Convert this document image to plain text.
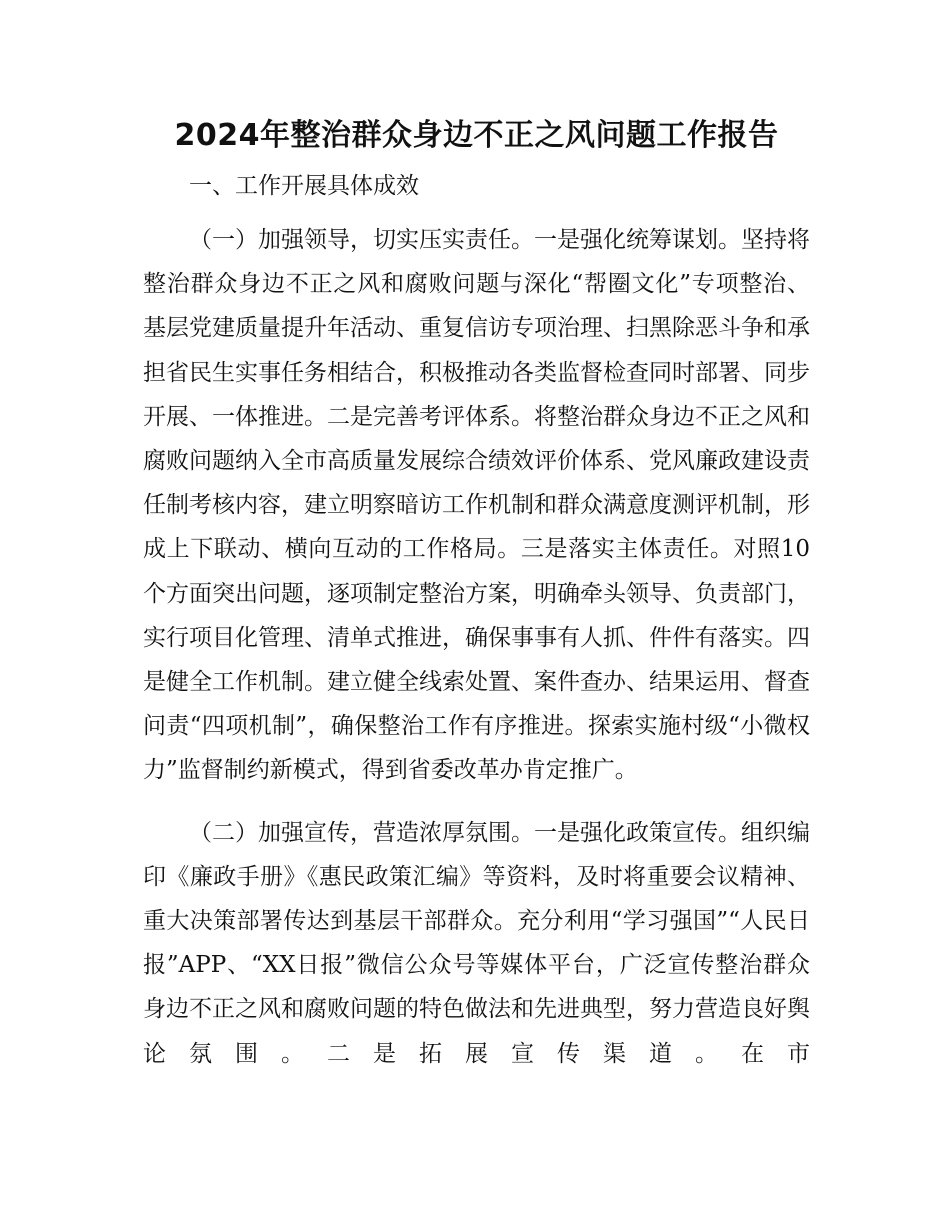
2024年整治群众身边不正之风问题工作报告
一、工作开展具体成效

（一）加强领导，切实压实责任。一是强化统筹谋划。坚持将整治群众身边不正之风和腐败问题与深化“帮圈文化”专项整治、基层党建质量提升年活动、重复信访专项治理、扫黑除恶斗争和承担省民生实事任务相结合，积极推动各类监督检查同时部署、同步开展、一体推进。二是完善考评体系。将整治群众身边不正之风和腐败问题纳入全市高质量发展综合绩效评价体系、党风廉政建设责任制考核内容，建立明察暗访工作机制和群众满意度测评机制，形成上下联动、横向互动的工作格局。三是落实主体责任。对照10个方面突出问题，逐项制定整治方案，明确牵头领导、负责部门，实行项目化管理、清单式推进，确保事事有人抓、件件有落实。四是健全工作机制。建立健全线索处置、案件查办、结果运用、督查问责“四项机制”，确保整治工作有序推进。探索实施村级“小微权力”监督制约新模式，得到省委改革办肯定推广。

（二）加强宣传，营造浓厚氛围。一是强化政策宣传。组织编印《廉政手册》《惠民政策汇编》等资料，及时将重要会议精神、重大决策部署传达到基层干部群众。充分利用“学习强国”“人民日报”APP、“XX日报”微信公众号等媒体平台，广泛宣传整治群众身边不正之风和腐败问题的特色做法和先进典型，努力营造良好舆论氛围。二是拓展宣传渠道。在市
